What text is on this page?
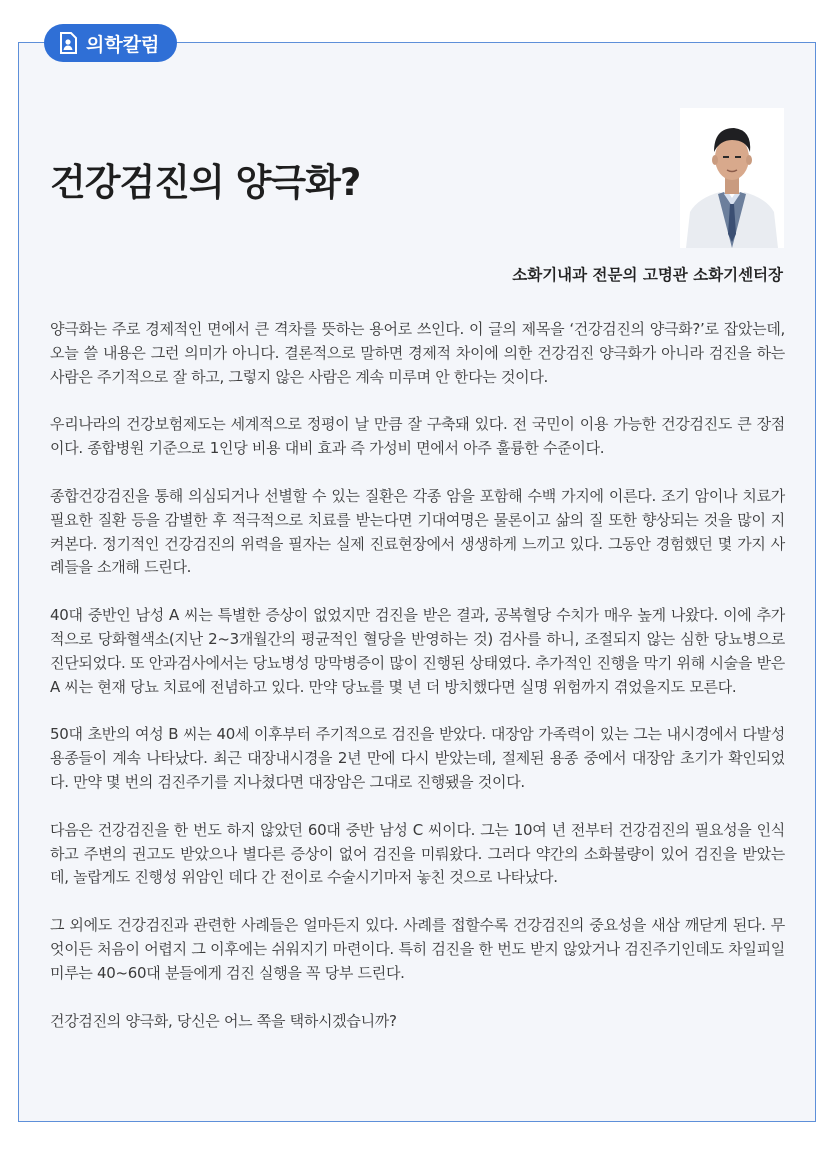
의학칼럼
건강검진의 양극화?
소화기내과 전문의 고명관 소화기센터장

양극화는 주로 경제적인 면에서 큰 격차를 뜻하는 용어로 쓰인다. 이 글의 제목을 ‘건강검진의 양극화?’로 잡았는데, 오늘 쓸 내용은 그런 의미가 아니다. 결론적으로 말하면 경제적 차이에 의한 건강검진 양극화가 아니라 검진을 하는 사람은 주기적으로 잘 하고, 그렇지 않은 사람은 계속 미루며 안 한다는 것이다.

우리나라의 건강보험제도는 세계적으로 정평이 날 만큼 잘 구축돼 있다. 전 국민이 이용 가능한 건강검진도 큰 장점이다. 종합병원 기준으로 1인당 비용 대비 효과 즉 가성비 면에서 아주 훌륭한 수준이다.

종합건강검진을 통해 의심되거나 선별할 수 있는 질환은 각종 암을 포함해 수백 가지에 이른다. 조기 암이나 치료가 필요한 질환 등을 감별한 후 적극적으로 치료를 받는다면 기대여명은 물론이고 삶의 질 또한 향상되는 것을 많이 지켜본다. 정기적인 건강검진의 위력을 필자는 실제 진료현장에서 생생하게 느끼고 있다. 그동안 경험했던 몇 가지 사례들을 소개해 드린다.

40대 중반인 남성 A 씨는 특별한 증상이 없었지만 검진을 받은 결과, 공복혈당 수치가 매우 높게 나왔다. 이에 추가적으로 당화혈색소(지난 2~3개월간의 평균적인 혈당을 반영하는 것) 검사를 하니, 조절되지 않는 심한 당뇨병으로 진단되었다. 또 안과검사에서는 당뇨병성 망막병증이 많이 진행된 상태였다. 추가적인 진행을 막기 위해 시술을 받은 A 씨는 현재 당뇨 치료에 전념하고 있다. 만약 당뇨를 몇 년 더 방치했다면 실명 위험까지 겪었을지도 모른다.

50대 초반의 여성 B 씨는 40세 이후부터 주기적으로 검진을 받았다. 대장암 가족력이 있는 그는 내시경에서 다발성 용종들이 계속 나타났다. 최근 대장내시경을 2년 만에 다시 받았는데, 절제된 용종 중에서 대장암 초기가 확인되었다. 만약 몇 번의 검진주기를 지나쳤다면 대장암은 그대로 진행됐을 것이다.

다음은 건강검진을 한 번도 하지 않았던 60대 중반 남성 C 씨이다. 그는 10여 년 전부터 건강검진의 필요성을 인식하고 주변의 권고도 받았으나 별다른 증상이 없어 검진을 미뤄왔다. 그러다 약간의 소화불량이 있어 검진을 받았는데, 놀랍게도 진행성 위암인 데다 간 전이로 수술시기마저 놓친 것으로 나타났다.

그 외에도 건강검진과 관련한 사례들은 얼마든지 있다. 사례를 접할수록 건강검진의 중요성을 새삼 깨닫게 된다. 무엇이든 처음이 어렵지 그 이후에는 쉬워지기 마련이다. 특히 검진을 한 번도 받지 않았거나 검진주기인데도 차일피일 미루는 40~60대 분들에게 검진 실행을 꼭 당부 드린다.

건강검진의 양극화, 당신은 어느 쪽을 택하시겠습니까?
